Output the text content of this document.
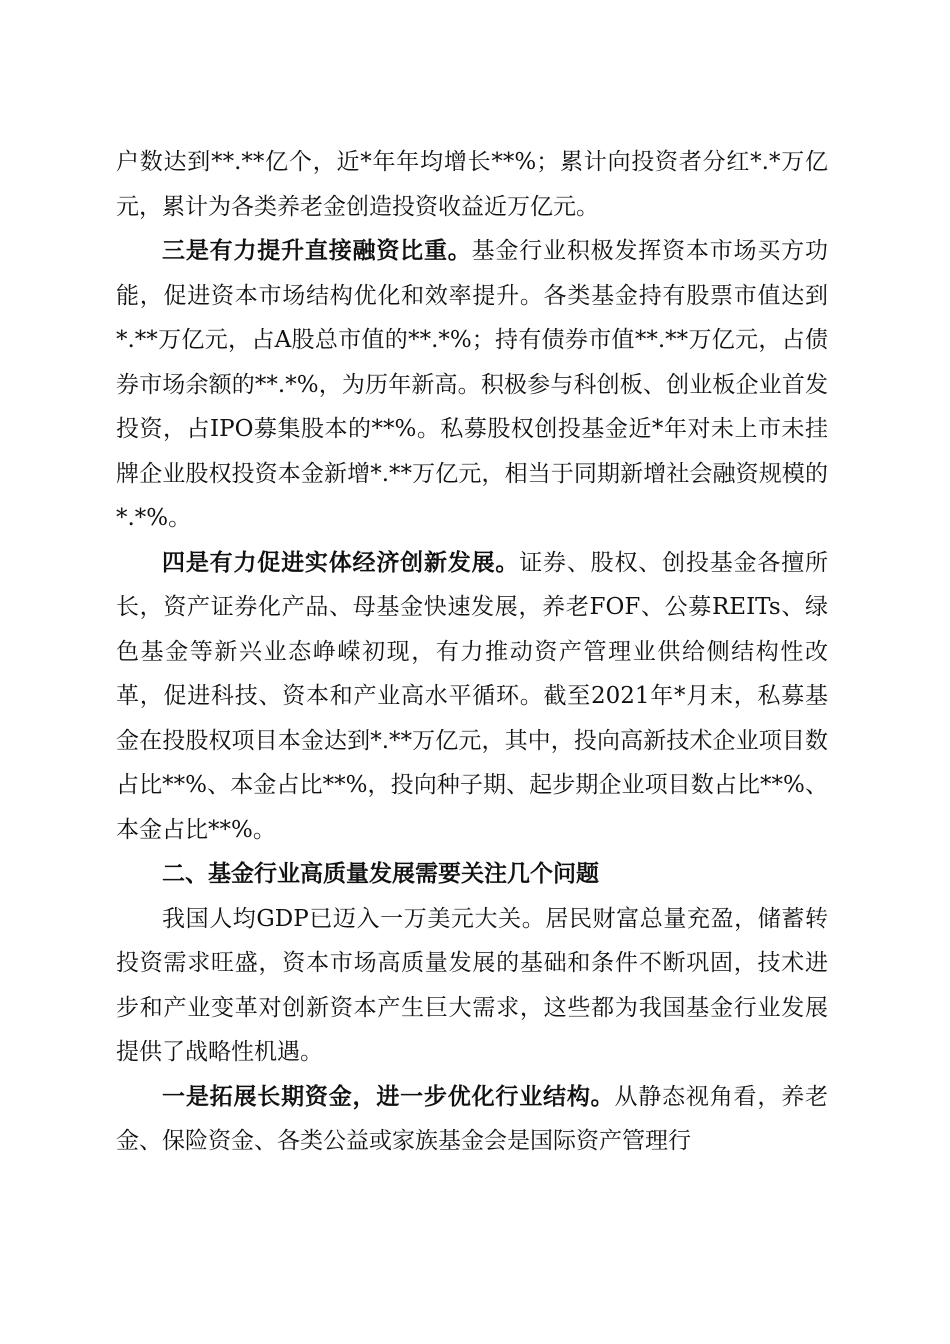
户数达到**.**亿个，近*年年均增长**%；累计向投资者分红*.*万亿元，累计为各类养老金创造投资收益近万亿元。

三是有力提升直接融资比重。基金行业积极发挥资本市场买方功能，促进资本市场结构优化和效率提升。各类基金持有股票市值达到*.**万亿元，占A股总市值的**.*%；持有债券市值**.**万亿元，占债券市场余额的**.*%，为历年新高。积极参与科创板、创业板企业首发投资，占IPO募集股本的**%。私募股权创投基金近*年对未上市未挂牌企业股权投资本金新增*.**万亿元，相当于同期新增社会融资规模的*.*%。

四是有力促进实体经济创新发展。证券、股权、创投基金各擅所长，资产证券化产品、母基金快速发展，养老FOF、公募REITs、绿色基金等新兴业态峥嵘初现，有力推动资产管理业供给侧结构性改革，促进科技、资本和产业高水平循环。截至2021年*月末，私募基金在投股权项目本金达到*.**万亿元，其中，投向高新技术企业项目数占比**%、本金占比**%，投向种子期、起步期企业项目数占比**%、本金占比**%。

二、基金行业高质量发展需要关注几个问题

我国人均GDP已迈入一万美元大关。居民财富总量充盈，储蓄转投资需求旺盛，资本市场高质量发展的基础和条件不断巩固，技术进步和产业变革对创新资本产生巨大需求，这些都为我国基金行业发展提供了战略性机遇。

一是拓展长期资金，进一步优化行业结构。从静态视角看，养老金、保险资金、各类公益或家族基金会是国际资产管理行
